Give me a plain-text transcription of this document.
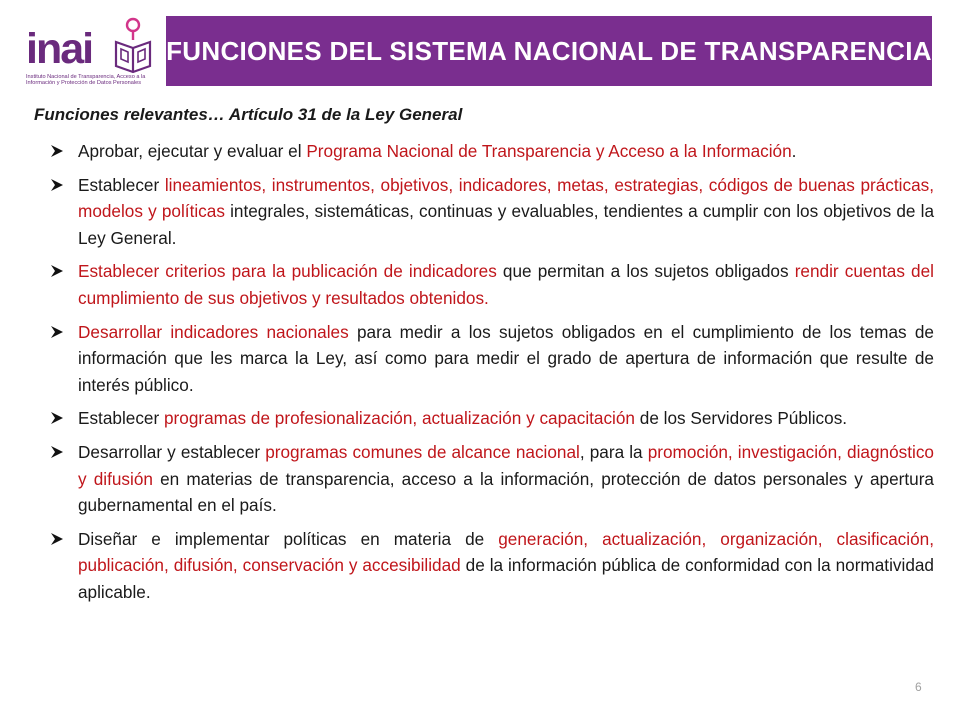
inai
Instituto Nacional de Transparencia, Acceso a la Información y Protección de Datos Personales
FUNCIONES DEL SISTEMA NACIONAL DE TRANSPARENCIA
Funciones relevantes… Artículo 31 de la Ley General
Aprobar, ejecutar y evaluar el Programa Nacional de Transparencia y Acceso a la Información.
Establecer lineamientos, instrumentos, objetivos, indicadores, metas, estrategias, códigos de buenas prácticas, modelos y políticas integrales, sistemáticas, continuas y evaluables, tendientes a cumplir con los objetivos de la Ley General.
Establecer criterios para la publicación de indicadores que permitan a los sujetos obligados rendir cuentas del cumplimiento de sus objetivos y resultados obtenidos.
Desarrollar indicadores nacionales para medir a los sujetos obligados en el cumplimiento de los temas de información que les marca la Ley, así como para medir el grado de apertura de información que resulte de interés público.
Establecer programas de profesionalización, actualización y capacitación de los Servidores Públicos.
Desarrollar y establecer programas comunes de alcance nacional, para la promoción, investigación, diagnóstico y difusión en materias de transparencia, acceso a la información, protección de datos personales y apertura gubernamental en el país.
Diseñar e implementar políticas en materia de generación, actualización, organización, clasificación, publicación, difusión, conservación y accesibilidad de la información pública de conformidad con la normatividad aplicable.
6
